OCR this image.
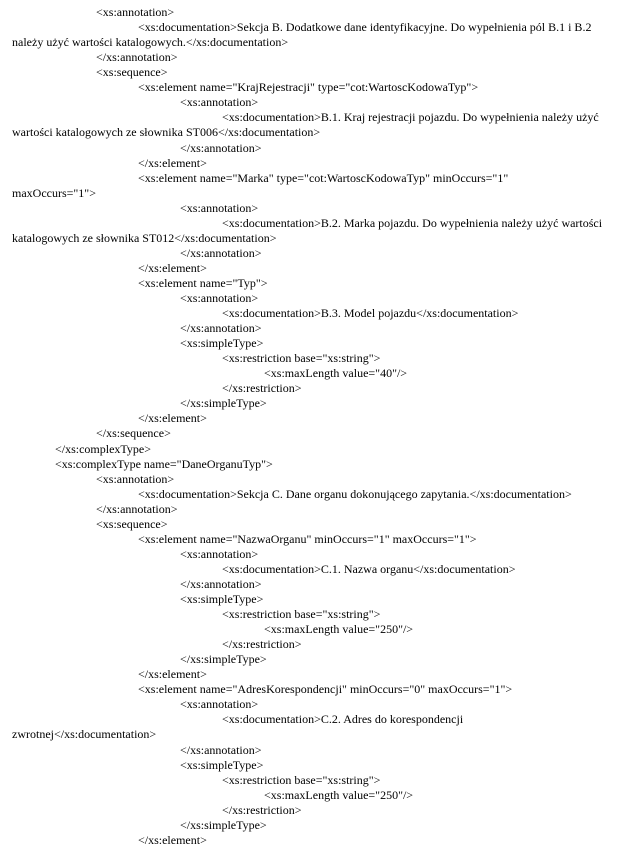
<xs:annotation>
<xs:documentation>Sekcja B. Dodatkowe dane identyfikacyjne. Do wypełnienia pól B.1 i B.2
należy użyć wartości katalogowych.</xs:documentation>
</xs:annotation>
<xs:sequence>
<xs:element name="KrajRejestracji" type="cot:WartoscKodowaTyp">
<xs:annotation>
<xs:documentation>B.1. Kraj rejestracji pojazdu. Do wypełnienia należy użyć
wartości katalogowych ze słownika ST006</xs:documentation>
</xs:annotation>
</xs:element>
<xs:element name="Marka" type="cot:WartoscKodowaTyp" minOccurs="1"
maxOccurs="1">
<xs:annotation>
<xs:documentation>B.2. Marka pojazdu. Do wypełnienia należy użyć wartości
katalogowych ze słownika ST012</xs:documentation>
</xs:annotation>
</xs:element>
<xs:element name="Typ">
<xs:annotation>
<xs:documentation>B.3. Model pojazdu</xs:documentation>
</xs:annotation>
<xs:simpleType>
<xs:restriction base="xs:string">
<xs:maxLength value="40"/>
</xs:restriction>
</xs:simpleType>
</xs:element>
</xs:sequence>
</xs:complexType>
<xs:complexType name="DaneOrganuTyp">
<xs:annotation>
<xs:documentation>Sekcja C. Dane organu dokonującego zapytania.</xs:documentation>
</xs:annotation>
<xs:sequence>
<xs:element name="NazwaOrganu" minOccurs="1" maxOccurs="1">
<xs:annotation>
<xs:documentation>C.1. Nazwa organu</xs:documentation>
</xs:annotation>
<xs:simpleType>
<xs:restriction base="xs:string">
<xs:maxLength value="250"/>
</xs:restriction>
</xs:simpleType>
</xs:element>
<xs:element name="AdresKorespondencji" minOccurs="0" maxOccurs="1">
<xs:annotation>
<xs:documentation>C.2. Adres do korespondencji
zwrotnej</xs:documentation>
</xs:annotation>
<xs:simpleType>
<xs:restriction base="xs:string">
<xs:maxLength value="250"/>
</xs:restriction>
</xs:simpleType>
</xs:element>
